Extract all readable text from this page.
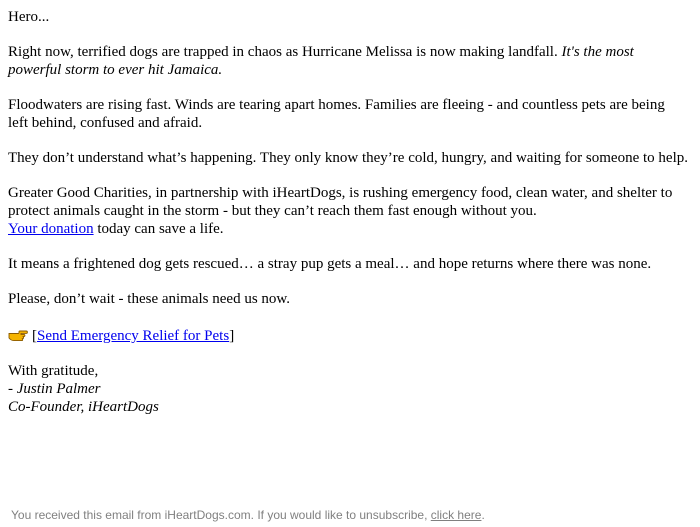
Hero...

Right now, terrified dogs are trapped in chaos as Hurricane Melissa is now making landfall. It's the most powerful storm to ever hit Jamaica.

Floodwaters are rising fast. Winds are tearing apart homes. Families are fleeing - and countless pets are being left behind, confused and afraid.

They don’t understand what’s happening. They only know they’re cold, hungry, and waiting for someone to help.

Greater Good Charities, in partnership with iHeartDogs, is rushing emergency food, clean water, and shelter to protect animals caught in the storm - but they can’t reach them fast enough without you.
Your donation today can save a life.

It means a frightened dog gets rescued… a stray pup gets a meal… and hope returns where there was none.

Please, don’t wait - these animals need us now.

[Send Emergency Relief for Pets]

With gratitude,
- Justin Palmer
Co-Founder, iHeartDogs

You received this email from iHeartDogs.com. If you would like to unsubscribe, click here.
